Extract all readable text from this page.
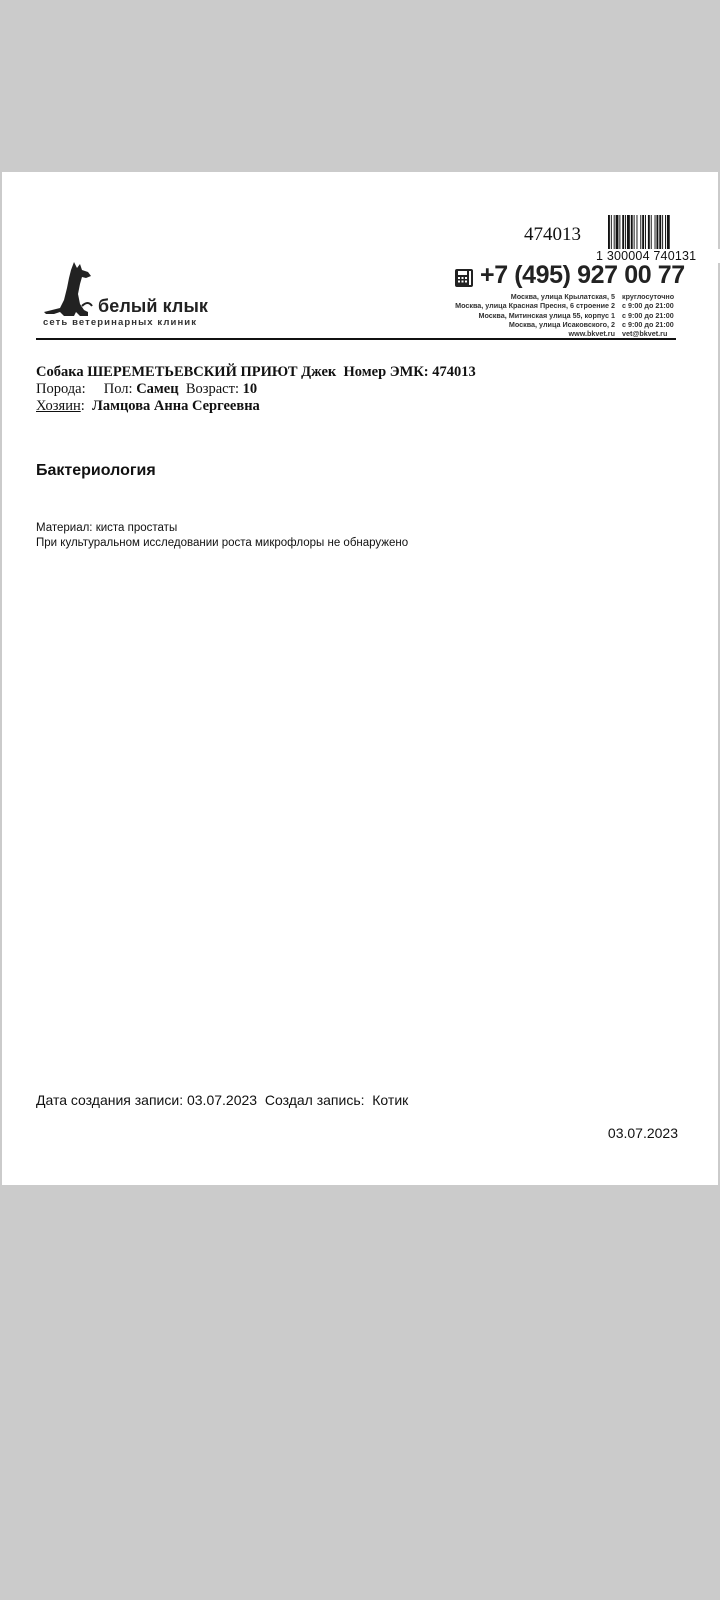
474013
1 300004 740131
белый клык
сеть ветеринарных клиник
+7 (495) 927 00 77
Москва, улица Крылатская, 5
Москва, улица Красная Пресня, 6 строение 2
Москва, Митинская улица 55, корпус 1
Москва, улица Исаковского, 2
www.bkvet.ru
круглосуточно
с 9:00 до 21:00
с 9:00 до 21:00
с 9:00 до 21:00
vet@bkvet.ru
Собака ШЕРЕМЕТЬЕВСКИЙ ПРИЮТ Джек Номер ЭМК: 474013
Порода: Пол: Самец Возраст: 10
Хозяин:  Ламцова Анна Сергеевна
Бактериология
Материал: киста простаты
При культуральном исследовании роста микрофлоры не обнаружено
Дата создания записи: 03.07.2023 Создал запись: Котик
03.07.2023
